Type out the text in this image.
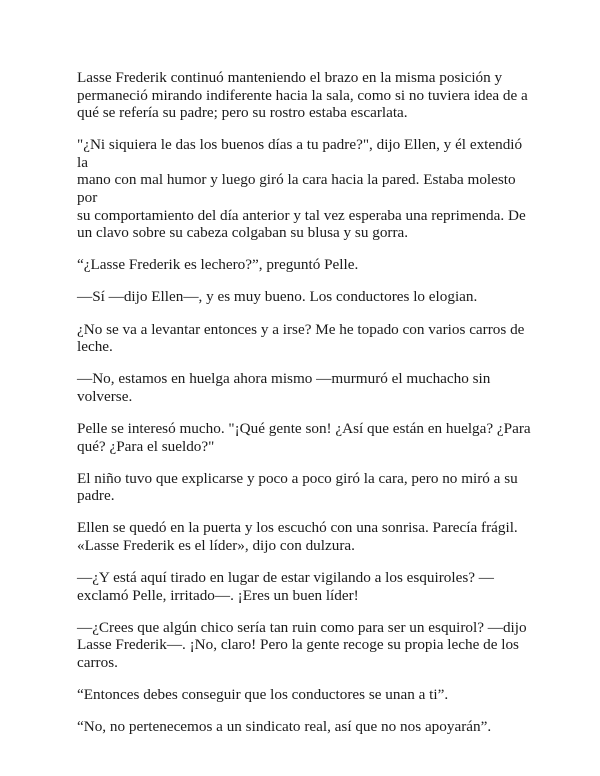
Lasse Frederik continuó manteniendo el brazo en la misma posición y
permaneció mirando indiferente hacia la sala, como si no tuviera idea de a
qué se refería su padre; pero su rostro estaba escarlata.

"¿Ni siquiera le das los buenos días a tu padre?", dijo Ellen, y él extendió la
mano con mal humor y luego giró la cara hacia la pared. Estaba molesto por
su comportamiento del día anterior y tal vez esperaba una reprimenda. De
un clavo sobre su cabeza colgaban su blusa y su gorra.

“¿Lasse Frederik es lechero?”, preguntó Pelle.

—Sí —dijo Ellen—, y es muy bueno. Los conductores lo elogian.

¿No se va a levantar entonces y a irse? Me he topado con varios carros de
leche.

—No, estamos en huelga ahora mismo —murmuró el muchacho sin
volverse.

Pelle se interesó mucho. "¡Qué gente son! ¿Así que están en huelga? ¿Para
qué? ¿Para el sueldo?"

El niño tuvo que explicarse y poco a poco giró la cara, pero no miró a su
padre.

Ellen se quedó en la puerta y los escuchó con una sonrisa. Parecía frágil.
«Lasse Frederik es el líder», dijo con dulzura.

—¿Y está aquí tirado en lugar de estar vigilando a los esquiroles? —
exclamó Pelle, irritado—. ¡Eres un buen líder!

—¿Crees que algún chico sería tan ruin como para ser un esquirol? —dijo
Lasse Frederik—. ¡No, claro! Pero la gente recoge su propia leche de los
carros.

“Entonces debes conseguir que los conductores se unan a ti”.

“No, no pertenecemos a un sindicato real, así que no nos apoyarán”.
